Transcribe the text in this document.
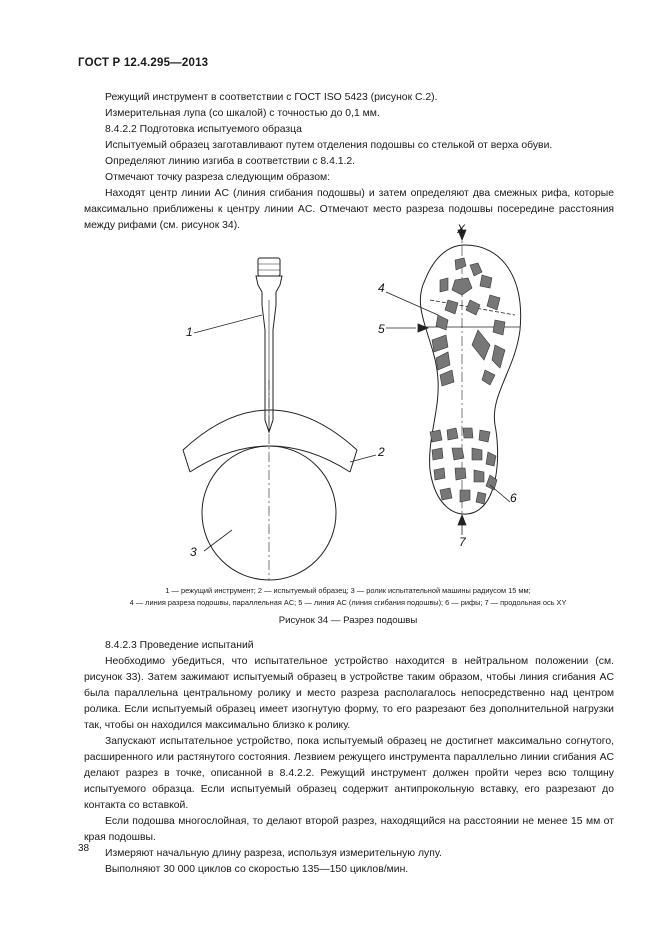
ГОСТ Р 12.4.295—2013

Режущий инструмент в соответствии с ГОСТ ISO 5423 (рисунок С.2).

Измерительная лупа (со шкалой) с точностью до 0,1 мм.

8.4.2.2 Подготовка испытуемого образца

Испытуемый образец заготавливают путем отделения подошвы со стелькой от верха обуви.

Определяют линию изгиба в соответствии с 8.4.1.2.

Отмечают точку разреза следующим образом:

Находят центр линии AC (линия сгибания подошвы) и затем определяют два смежных рифа, которые максимально приближены к центру линии AC. Отмечают место разреза подошвы посередине расстояния между рифами (см. рисунок 34).

1
2
3
4
5
6
7
X
1 — режущий инструмент; 2 — испытуемый образец; 3 — ролик испытательной машины радиусом 15 мм;
4 — линия разреза подошвы, параллельная AC; 5 — линия AC (линия сгибания подошвы); 6 — рифы; 7 — продольная ось XY
Рисунок 34 — Разрез подошвы

8.4.2.3 Проведение испытаний

Необходимо убедиться, что испытательное устройство находится в нейтральном положении (см. рисунок 33). Затем зажимают испытуемый образец в устройстве таким образом, чтобы линия сгибания AC была параллельна центральному ролику и место разреза располагалось непосредственно над центром ролика. Если испытуемый образец имеет изогнутую форму, то его разрезают без дополнительной нагрузки так, чтобы он находился максимально близко к ролику.

Запускают испытательное устройство, пока испытуемый образец не достигнет максимально согнутого, расширенного или растянутого состояния. Лезвием режущего инструмента параллельно линии сгибания AC делают разрез в точке, описанной в 8.4.2.2. Режущий инструмент должен пройти через всю толщину испытуемого образца. Если испытуемый образец содержит антипрокольную вставку, его разрезают до контакта со вставкой.

Если подошва многослойная, то делают второй разрез, находящийся на расстоянии не менее 15 мм от края подошвы.

Измеряют начальную длину разреза, используя измерительную лупу.

Выполняют 30 000 циклов со скоростью 135—150 циклов/мин.

38
